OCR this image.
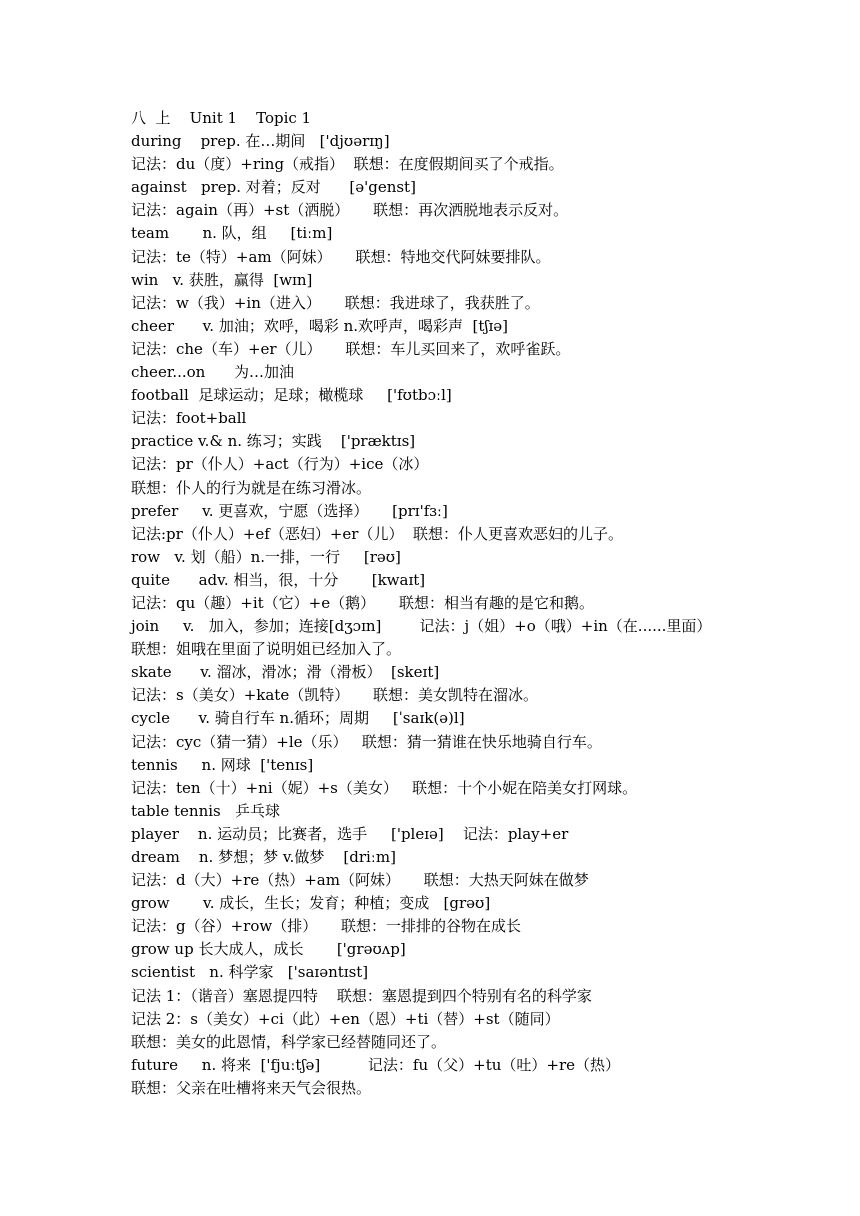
八  上    Unit 1    Topic 1
during    prep. 在…期间   ['djʊərɪŋ]
记法：du（度）+ring（戒指）  联想：在度假期间买了个戒指。
against   prep. 对着；反对      [ə'genst]
记法：again（再）+st（洒脱）     联想：再次洒脱地表示反对。
team       n. 队，组     [tiːm]
记法：te（特）+am（阿妹）     联想：特地交代阿妹要排队。
win   v. 获胜，赢得  [wɪn]
记法：w（我）+in（进入）     联想：我进球了，我获胜了。
cheer      v. 加油；欢呼，喝彩 n.欢呼声，喝彩声  [tʃɪə]
记法：che（车）+er（儿）     联想：车儿买回来了，欢呼雀跃。
cheer...on      为…加油
football  足球运动；足球；橄榄球     ['fʊtbɔːl]
记法：foot+ball
practice v.& n. 练习；实践    ['præktɪs]
记法：pr（仆人）+act（行为）+ice（冰）
联想：仆人的行为就是在练习滑冰。
prefer     v. 更喜欢，宁愿（选择）     [prɪ'fɜː]
记法:pr（仆人）+ef（恶妇）+er（儿）  联想：仆人更喜欢恶妇的儿子。
row   v. 划（船）n.一排，一行     [rəʊ]
quite      adv. 相当，很，十分       [kwaɪt]
记法：qu（趣）+it（它）+e（鹅）     联想：相当有趣的是它和鹅。
join     v.   加入，参加；连接[dʒɔɪn]        记法：j（姐）+o（哦）+in（在......里面）
联想：姐哦在里面了说明姐已经加入了。
skate      v. 溜冰，滑冰；滑（滑板）  [skeɪt]
记法：s（美女）+kate（凯特）     联想：美女凯特在溜冰。
cycle      v. 骑自行车 n.循环；周期     [ˈsaɪk(ə)l]
记法：cyc（猜一猜）+le（乐）   联想：猜一猜谁在快乐地骑自行车。
tennis     n. 网球  ['tenɪs]
记法：ten（十）+ni（妮）+s（美女）   联想：十个小妮在陪美女打网球。
table tennis   乒乓球
player    n. 运动员；比赛者，选手     ['pleɪə]    记法：play+er
dream    n. 梦想；梦 v.做梦    [driːm]
记法：d（大）+re（热）+am（阿妹）     联想：大热天阿妹在做梦
grow       v. 成长，生长；发育；种植；变成   [grəʊ]
记法：g（谷）+row（排）     联想：一排排的谷物在成长
grow up 长大成人，成长       ['grəʊʌp]
scientist   n. 科学家   ['saɪəntɪst]
记法 1：（谐音）塞恩提四特    联想：塞恩提到四个特别有名的科学家
记法 2：s（美女）+ci（此）+en（恩）+ti（替）+st（随同）
联想：美女的此恩情，科学家已经替随同还了。
future     n. 将来  ['fjuːtʃə]          记法：fu（父）+tu（吐）+re（热）
联想：父亲在吐槽将来天气会很热。
